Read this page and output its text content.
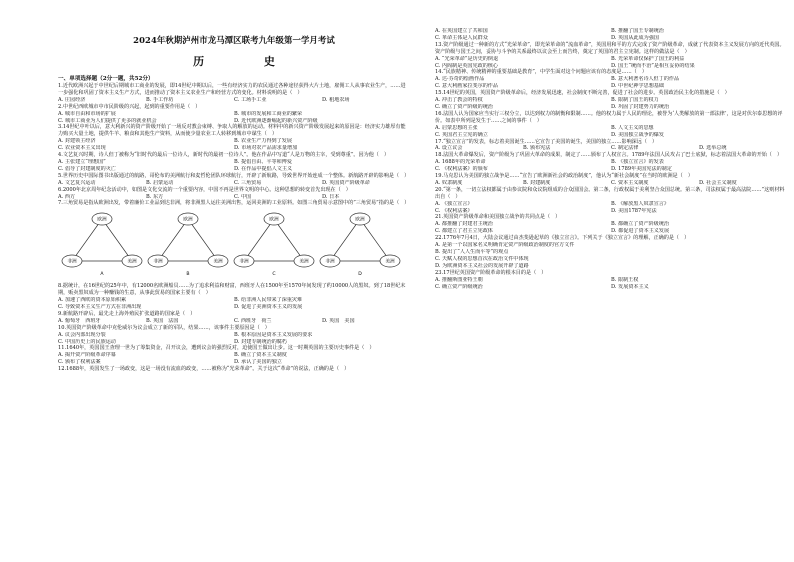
2024年秋期泸州市龙马潭区联考九年级第一学月考试
历 史
一、单项选择题（2分一题，共52分）

1.近代欧洲兴起于中世纪后期城市工商业的发展，即14世纪中期以后，一些有经济实力的农民通过各种途径获得大片土地，雇佣工人从事农业生产，……进一步强化和巩固了资本主义生产方式，进而推动了资本主义农业生产和经营方式的变化。材料说明的是（　）

A. 庄园经济	B. 手工作坊	C. 工场手工业	D. 租地农场

2.中世纪西欧城市中市民阶级的兴起，起到的重要作用是（　）

A. 城市自由和市场的扩展	B. 城市的发展和工商业的繁荣
C. 城市工商业为人们提供了更多的就业机会	D. 近代欧洲逐渐崛起的新兴资产阶级

3.14世纪中叶以后，意大利新兴的资产阶级开始了一场反对教会束缚、争取人的解放的运动。材料中的新兴资产阶级发展起来的原因是：经济实力雄厚有能力购买大量土地，提供牛羊、粮食和其他生产资料，从而使少量农业工人转移到城市中谋生（　）

A. 封建领主经济	B. 农业生产力得到了发展
C. 农业资本主义出现	D. 市场对农产品需求量增加

4.文艺复兴时期，诗人但丁被称为“旧时代的最后一位诗人，新时代的最初一位诗人”。他在作品中写道“人是万物的主宰，受到尊重”。因为他（　）

A. 主张建立“理想国”	B. 提倡自由、平等和博爱
C. 倡导了封建制度的灭亡	D. 在作品中提倡人文主义

5.世界历史中国际图书出版通过的航路，哥伦布的美洲航行和麦哲伦团队环球航行，开辟了新航路，导致世界开始连成一个整体。新航路开辟的影响是（　）

A. 文艺复兴运动	B. 启蒙运动	C. 三角贸易	D. 英国资产阶级革命

6.2000年北京周年纪念活动中，如图是文化交流的一个重要内容，中国不再是世界文明的中心。这种思想的转变首先出现在（　）

A. 西方	B. 东方	C. 中国	D. 日本

7.三角贸易是指从欧洲出发，带着廉价工业品到达非洲，将非洲黑人运往美洲出售，运回美洲的工业原料。如图三角贸易示意图中的”三角贸易”指的是（　）

欧洲
非洲	美洲
A
欧洲
非洲	美洲
B
欧洲
非洲	美洲
C
欧洲
非洲	美洲
D

8.据统计，在16世纪的25年中，有12000名欧洲船员……为了追求利益和财富，西班牙人在1500年至1570年间发现了约10000人的黑奴。到了18世纪末期，贩卖黑奴成为一种赚钱的生意，从事此贸易的国家主要有（　）

A. 加速了西欧的资本原始积累	B. 给非洲人民带来了深重灾难
C. 导致资本主义生产方式在非洲出现	D. 促进了美洲资本主义的发展

9.新航路开辟后，最先走上海外殖民扩张道路的国家是（　）

A. 葡萄牙　西班牙	B. 英国　法国	C. 西班牙　荷兰	D. 英国　美国

10.英国资产阶级革命中克伦威尔为议会成立了新的军队，结果……，该事件主要原因是（　）

A. 议会内部出现分裂	B. 根本原因是资本主义发展的要求
C. 中国历史上的民族运动	D. 封建专制统治的腐朽

11.1640年，英国国王查理一世为了筹集资金，召开议会，遭到议会的强烈反对，迫使国王做出让步。这一时期英国的主要历史事件是（　）

A. 揭开资产阶级革命序幕	B. 确立了资本主义制度
C. 颁布了权利法案	D. 承认了美国的独立

12.1688年，英国发生了一场政变，这是一场没有流血的政变，……被称为“光荣革命”。关于这次“革命”的说法，正确的是（　）

A. 在英国建立了共和国	B. 推翻了国王专制统治
C. 革命主体是人民群众	D. 英国从此成为强国

13.资产阶级通过一种新的方式“光荣革命”，即光荣革命的“流血革命”，英国用和平的方式完成了资产阶级革命，成就了代表资本主义发展方向的近代英国。资产阶级与国王之间，妥协与斗争的关系最终以议会至上而告终，奠定了英国的君主立宪制。这样的做法是（　）

A. “光荣革命”是历史的倒退	B. 光荣革命仅保护了国王的利益
C. 内阁制是英国宪政的核心	D. 国王“统而不治”是相互妥协的结果

14.“民族精神、传统精神的重要基础是教育”，中学生面对这个问题应该有的态度是……（　）

A. 达·芬奇的绘画作品	B. 意大利著名诗人但丁的作品
C. 意大利画家拉斐尔的作品	D. 中世纪神学思想基础

15.14世纪的英国，英国资产阶级革命后，经济发展迅速，社会制度不断完善，促进了社会的进步。英国政治民主化的措施是（　）

A. 冲击了教会的特权	B. 限制了国王的权力
C. 确立了资产阶级的统治	D. 巩固了封建势力的统治

16.法国人认为国家应当实行三权分立，以达到权力的制衡和限制……。他的权力属于人民的理论，被誉为‘人类解放的第一部法律’，这是对伏尔泰思想的评价。如表中所列是发生于……之间的事件（　）

A. 启蒙思想的主张	B. 人文主义的思想
C. 英国君主立宪的确立	D. 美国独立战争的爆发

17.“独立宣言”的发表，标志着美国诞生……它宣告了美国的诞生，美国的独立……影响深远（　）

A. 设立议会	B. 颁布宪法	C. 制定法律	D. 选举总统

18.法国大革命爆发后，资产阶级为了巩固大革命的成果，制定了……颁布了人权宣言。1789年法国人民攻占了巴士底狱，标志着法国大革命的开始（　）

A. 1688年的光荣革命	B. 《独立宣言》的发表
C. 《权利法案》的颁布	D. 1789年美国宪法的制定

19.马克思认为美国的独立战争是……“宣告了欧洲新社会的政治制度”，他认为“新社会制度”在当时的欧洲是（　）

A. 奴隶制度	B. 封建制度	C. 资本主义制度	D. 社会主义制度

20.“第一条，一切立法权都属于由参议院和众议院组成的合众国国会。第二条，行政权属于美利坚合众国总统。第三条，司法权属于最高法院……”这则材料出自（　）

A. 《独立宣言》	B. 《解放黑人奴隶宣言》
C. 《权利法案》	D. 美国1787年宪法

21.英国资产阶级革命和美国独立战争的共同点是（　）

A. 都推翻了封建君主统治	B. 都确立了资产阶级统治
C. 都建立了君主立宪政体	D. 都促进了资本主义发展

22.1776年7月4日，大陆会议通过由杰斐逊起草的《独立宣言》。下列关于《独立宣言》的理解，正确的是（　）

A. 是第一个以国家名义明确肯定资产阶级政治制度的官方文件
B. 提出了“人人生而平等”的观点
C. 天赋人权的思想首次在政治文件中体现
D. 为欧洲资本主义社会的发展开辟了道路

23.17世纪英国资产阶级革命的根本目的是（　）

A. 推翻斯图亚特王朝	B. 限制王权
C. 确立资产阶级统治	D. 发展资本主义
